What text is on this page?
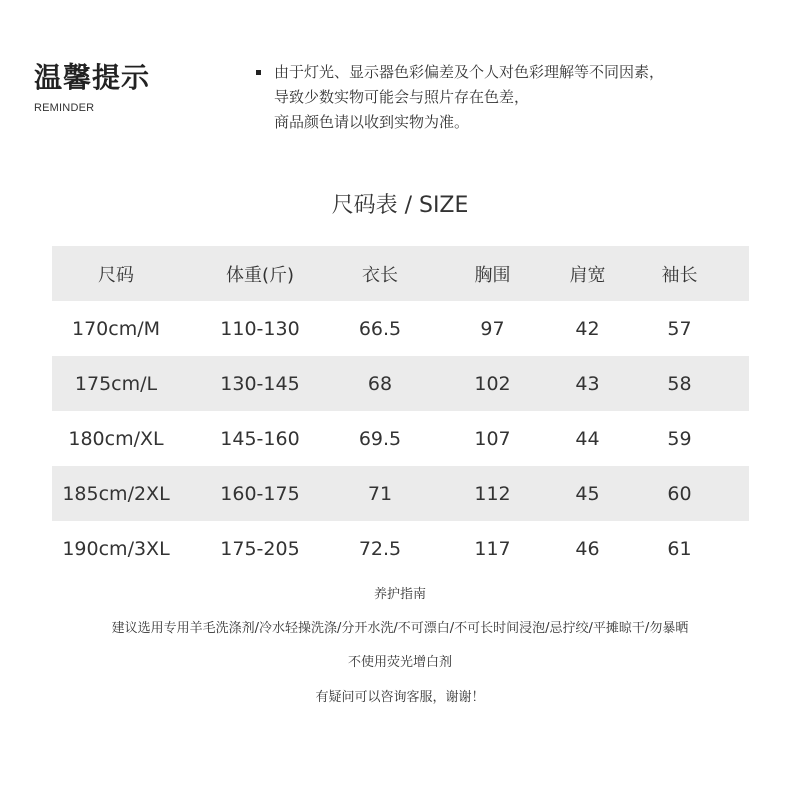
温馨提示
REMINDER
由于灯光、显示器色彩偏差及个人对色彩理解等不同因素，
导致少数实物可能会与照片存在色差，
商品颜色请以收到实物为准。
尺码表 / SIZE
尺码	体重(斤)	衣长	胸围	肩宽	袖长
170cm/M	110-130	66.5	97	42	57
175cm/L	130-145	68	102	43	58
180cm/XL	145-160	69.5	107	44	59
185cm/2XL	160-175	71	112	45	60
190cm/3XL	175-205	72.5	117	46	61
养护指南
建议选用专用羊毛洗涤剂/冷水轻操洗涤/分开水洗/不可漂白/不可长时间浸泡/忌拧绞/平摊晾干/勿暴晒
不使用荧光增白剂
有疑问可以咨询客服，谢谢！
